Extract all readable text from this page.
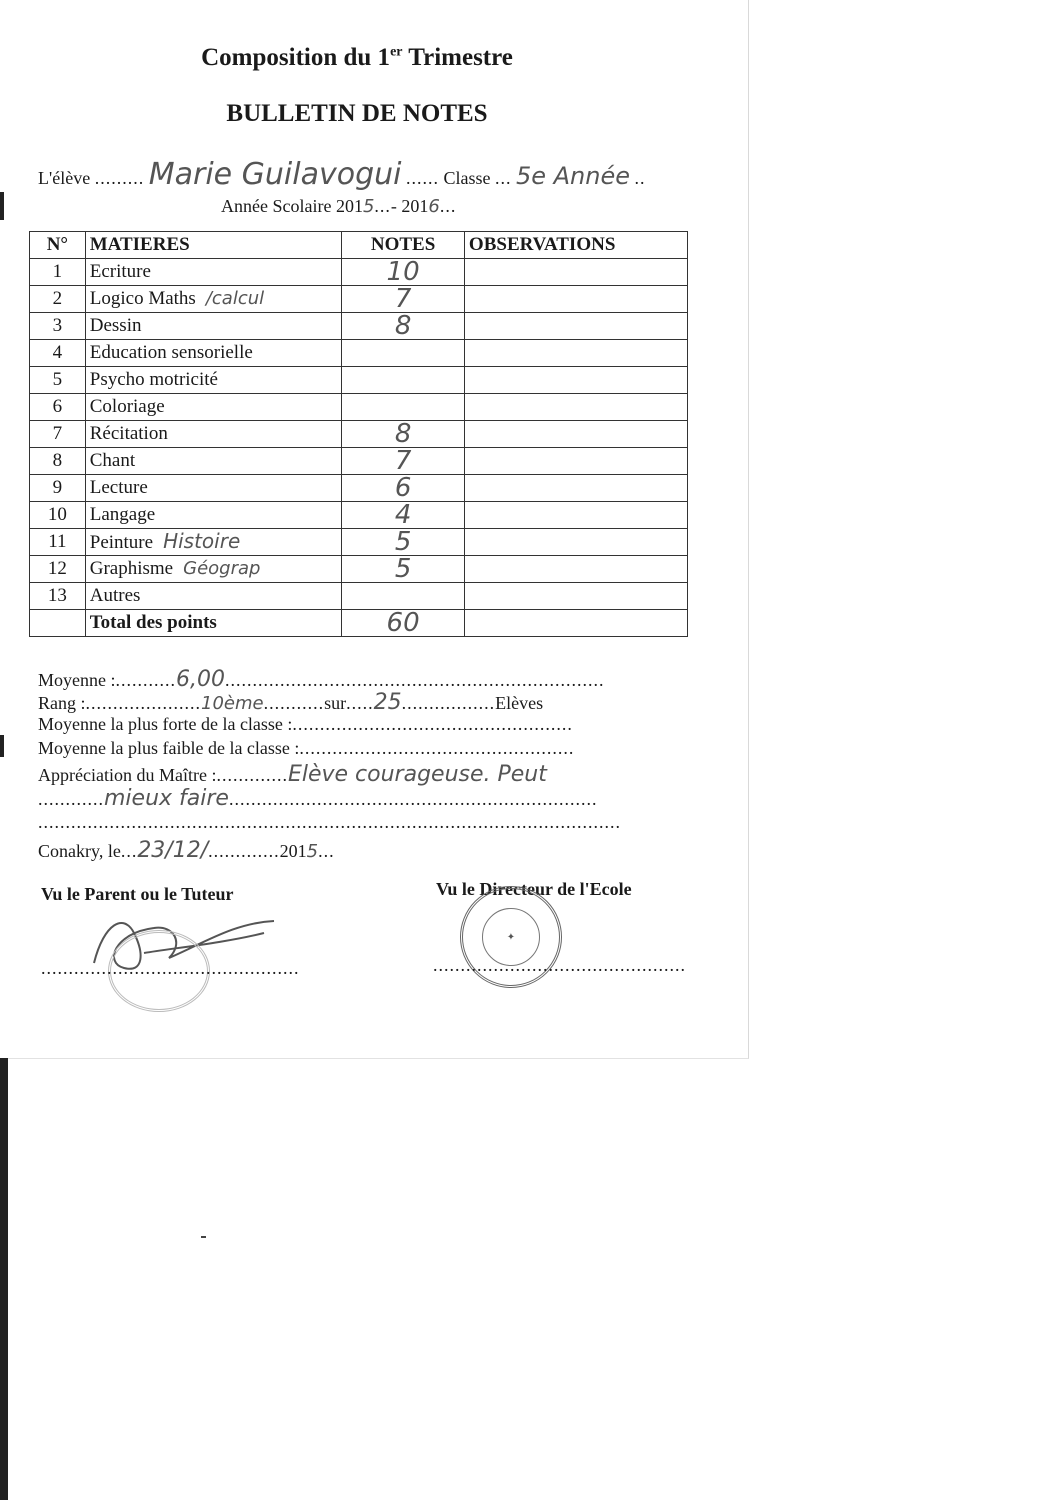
Composition du 1er Trimestre
BULLETIN DE NOTES
L'élève ......... Marie Guilavogui ...... Classe ... 5e Année ..
Année Scolaire 2015...- 2016...
N°	MATIERES	NOTES	OBSERVATIONS
1	Ecriture	10	
2	Logico Maths /calcul	7	
3	Dessin	8	
4	Education sensorielle		
5	Psycho motricité		
6	Coloriage		
7	Récitation	8	
8	Chant	7	
9	Lecture	6	
10	Langage	4	
11	Peinture Histoire	5	
12	Graphisme Géograp	5	
13	Autres		
	Total des points	60	
Moyenne :...........6,00.....................................................................
Rang :.....................10ème...........sur.....25.................Elèves
Moyenne la plus forte de la classe :...................................................
Moyenne la plus faible de la classe :..................................................
Appréciation du Maître :.............Elève courageuse. Peut
............mieux faire...................................................................
..........................................................................................................
Conakry, le...23/12/.............2015...
Vu le Parent ou le Tuteur	Vu le Directeur de l'Ecole
✦
...............................................	..............................................
